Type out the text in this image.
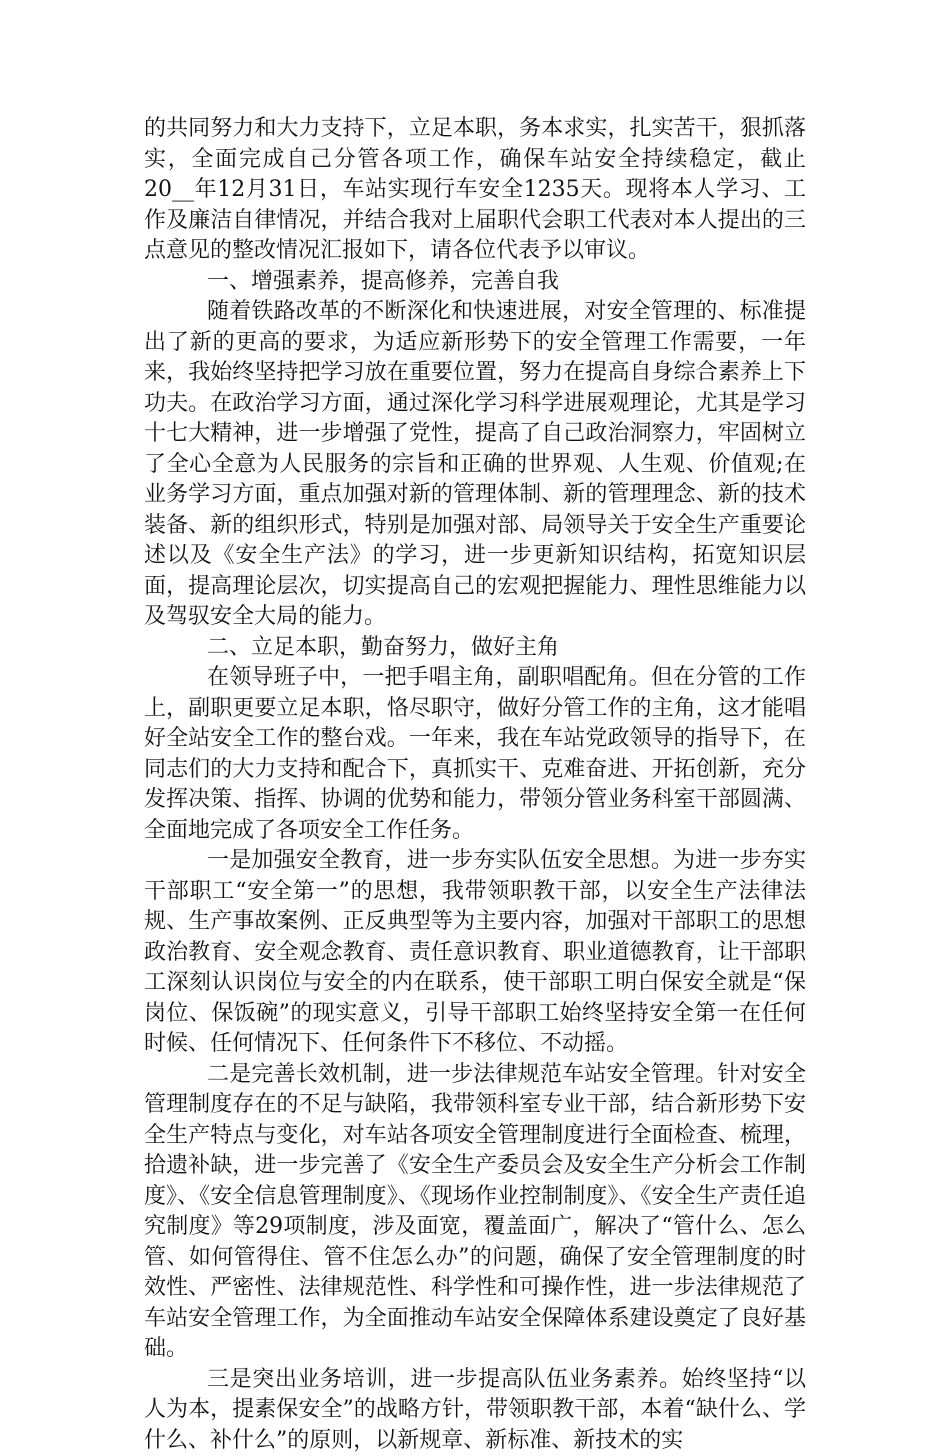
的共同努力和大力支持下，立足本职，务本求实，扎实苦干，狠抓落实，全面完成自己分管各项工作，确保车站安全持续稳定，截止20__年12月31日，车站实现行车安全1235天。现将本人学习、工作及廉洁自律情况，并结合我对上届职代会职工代表对本人提出的三点意见的整改情况汇报如下，请各位代表予以审议。

一、增强素养，提高修养，完善自我

随着铁路改革的不断深化和快速进展，对安全管理的、标准提出了新的更高的要求，为适应新形势下的安全管理工作需要，一年来，我始终坚持把学习放在重要位置，努力在提高自身综合素养上下功夫。在政治学习方面，通过深化学习科学进展观理论，尤其是学习十七大精神，进一步增强了党性，提高了自己政治洞察力，牢固树立了全心全意为人民服务的宗旨和正确的世界观、人生观、价值观;在业务学习方面，重点加强对新的管理体制、新的管理理念、新的技术装备、新的组织形式，特别是加强对部、局领导关于安全生产重要论述以及《安全生产法》的学习，进一步更新知识结构，拓宽知识层面，提高理论层次，切实提高自己的宏观把握能力、理性思维能力以及驾驭安全大局的能力。

二、立足本职，勤奋努力，做好主角

在领导班子中，一把手唱主角，副职唱配角。但在分管的工作上，副职更要立足本职，恪尽职守，做好分管工作的主角，这才能唱好全站安全工作的整台戏。一年来，我在车站党政领导的指导下，在同志们的大力支持和配合下，真抓实干、克难奋进、开拓创新，充分发挥决策、指挥、协调的优势和能力，带领分管业务科室干部圆满、全面地完成了各项安全工作任务。

一是加强安全教育，进一步夯实队伍安全思想。为进一步夯实干部职工“安全第一”的思想，我带领职教干部，以安全生产法律法规、生产事故案例、正反典型等为主要内容，加强对干部职工的思想政治教育、安全观念教育、责任意识教育、职业道德教育，让干部职工深刻认识岗位与安全的内在联系，使干部职工明白保安全就是“保岗位、保饭碗”的现实意义，引导干部职工始终坚持安全第一在任何时候、任何情况下、任何条件下不移位、不动摇。

二是完善长效机制，进一步法律规范车站安全管理。针对安全管理制度存在的不足与缺陷，我带领科室专业干部，结合新形势下安全生产特点与变化，对车站各项安全管理制度进行全面检查、梳理，拾遗补缺，进一步完善了《安全生产委员会及安全生产分析会工作制度》、《安全信息管理制度》、《现场作业控制制度》、《安全生产责任追究制度》等29项制度，涉及面宽，覆盖面广，解决了“管什么、怎么管、如何管得住、管不住怎么办”的问题，确保了安全管理制度的时效性、严密性、法律规范性、科学性和可操作性，进一步法律规范了车站安全管理工作，为全面推动车站安全保障体系建设奠定了良好基础。

三是突出业务培训，进一步提高队伍业务素养。始终坚持“以人为本，提素保安全”的战略方针，带领职教干部，本着“缺什么、学什么、补什么”的原则，以新规章、新标准、新技术的实
